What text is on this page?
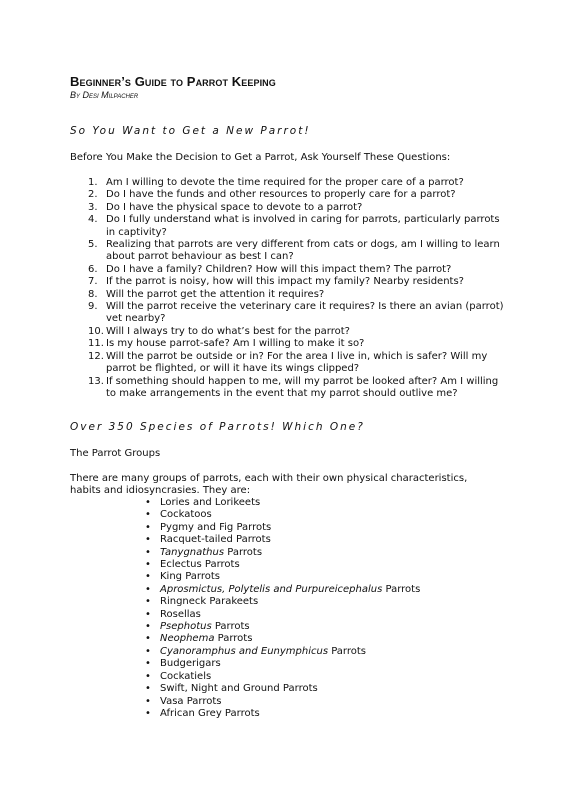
Beginner’s Guide to Parrot Keeping
By Desi Milpacher
So You Want to Get a New Parrot!

Before You Make the Decision to Get a Parrot, Ask Yourself These Questions:

1. Am I willing to devote the time required for the proper care of a parrot?
2. Do I have the funds and other resources to properly care for a parrot?
3. Do I have the physical space to devote to a parrot?
4. Do I fully understand what is involved in caring for parrots, particularly parrots in captivity?
5. Realizing that parrots are very different from cats or dogs, am I willing to learn about parrot behaviour as best I can?
6. Do I have a family? Children? How will this impact them? The parrot?
7. If the parrot is noisy, how will this impact my family? Nearby residents?
8. Will the parrot get the attention it requires?
9. Will the parrot receive the veterinary care it requires? Is there an avian (parrot) vet nearby?
10. Will I always try to do what’s best for the parrot?
11. Is my house parrot-safe? Am I willing to make it so?
12. Will the parrot be outside or in? For the area I live in, which is safer? Will my parrot be flighted, or will it have its wings clipped?
13. If something should happen to me, will my parrot be looked after? Am I willing to make arrangements in the event that my parrot should outlive me?
Over 350 Species of Parrots! Which One?

The Parrot Groups

There are many groups of parrots, each with their own physical characteristics, habits and idiosyncrasies. They are:

• Lories and Lorikeets
• Cockatoos
• Pygmy and Fig Parrots
• Racquet-tailed Parrots
• Tanygnathus Parrots
• Eclectus Parrots
• King Parrots
• Aprosmictus, Polytelis and Purpureicephalus Parrots
• Ringneck Parakeets
• Rosellas
• Psephotus Parrots
• Neophema Parrots
• Cyanoramphus and Eunymphicus Parrots
• Budgerigars
• Cockatiels
• Swift, Night and Ground Parrots
• Vasa Parrots
• African Grey Parrots
